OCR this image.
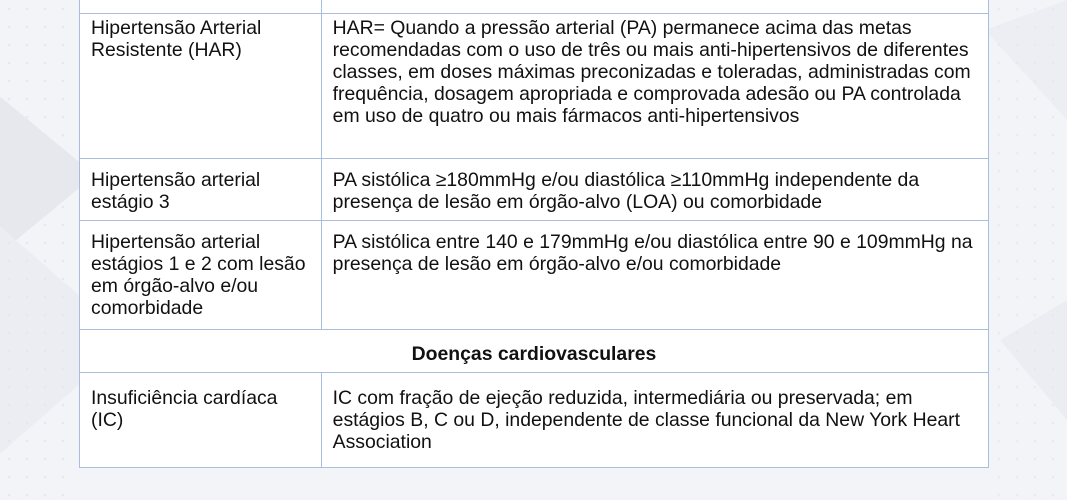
Hipertensão Arterial Resistente (HAR)	HAR= Quando a pressão arterial (PA) permanece acima das metas recomendadas com o uso de três ou mais anti-hipertensivos de diferentes classes, em doses máximas preconizadas e toleradas, administradas com frequência, dosagem apropriada e comprovada adesão ou PA controlada em uso de quatro ou mais fármacos anti-hipertensivos

Hipertensão arterial estágio 3	PA sistólica ≥180mmHg e/ou diastólica ≥110mmHg independente da presença de lesão em órgão-alvo (LOA) ou comorbidade

Hipertensão arterial estágios 1 e 2 com lesão em órgão-alvo e/ou comorbidade	PA sistólica entre 140 e 179mmHg e/ou diastólica entre 90 e 109mmHg na presença de lesão em órgão-alvo e/ou comorbidade

Doenças cardiovasculares	

Insuficiência cardíaca (IC)	IC com fração de ejeção reduzida, intermediária ou preservada; em estágios B, C ou D, independente de classe funcional da New York Heart Association
